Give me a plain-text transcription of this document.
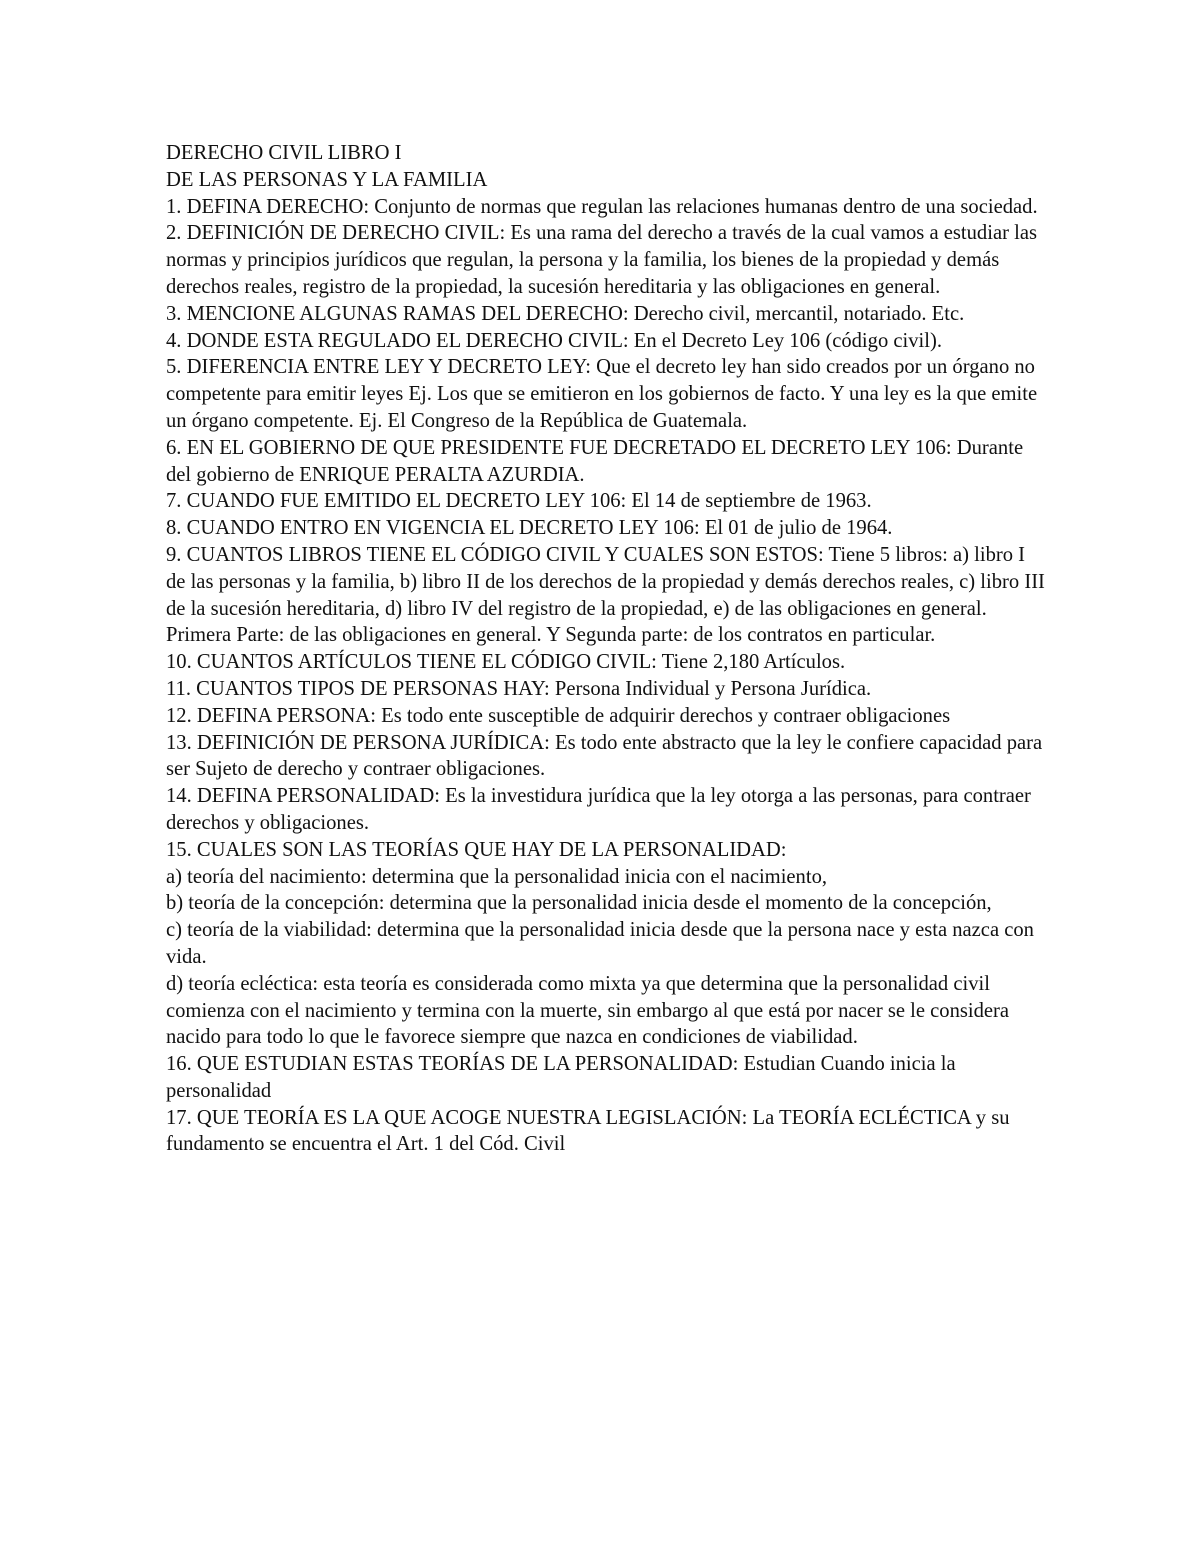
DERECHO CIVIL LIBRO I

DE LAS PERSONAS Y LA FAMILIA

1. DEFINA DERECHO: Conjunto de normas que regulan las relaciones humanas dentro de una sociedad.

2. DEFINICIÓN DE DERECHO CIVIL: Es una rama del derecho a través de la cual vamos a estudiar las normas y principios jurídicos que regulan, la persona y la familia, los bienes de la propiedad y demás derechos reales, registro de la propiedad, la sucesión hereditaria y las obligaciones en general.

3. MENCIONE ALGUNAS RAMAS DEL DERECHO: Derecho civil, mercantil, notariado. Etc.

4. DONDE ESTA REGULADO EL DERECHO CIVIL: En el Decreto Ley 106 (código civil).

5. DIFERENCIA ENTRE LEY Y DECRETO LEY: Que el decreto ley han sido creados por un órgano no competente para emitir leyes Ej. Los que se emitieron en los gobiernos de facto. Y una ley es la que emite un órgano competente. Ej. El Congreso de la República de Guatemala.

6. EN EL GOBIERNO DE QUE PRESIDENTE FUE DECRETADO EL DECRETO LEY 106: Durante del gobierno de ENRIQUE PERALTA AZURDIA.

7. CUANDO FUE EMITIDO EL DECRETO LEY 106: El 14 de septiembre de 1963.

8. CUANDO ENTRO EN VIGENCIA EL DECRETO LEY 106: El 01 de julio de 1964.

9. CUANTOS LIBROS TIENE EL CÓDIGO CIVIL Y CUALES SON ESTOS: Tiene 5 libros: a) libro I de las personas y la familia, b) libro II de los derechos de la propiedad y demás derechos reales, c) libro III de la sucesión hereditaria, d) libro IV del registro de la propiedad, e) de las obligaciones en general. Primera Parte: de las obligaciones en general. Y Segunda parte: de los contratos en particular.

10. CUANTOS ARTÍCULOS TIENE EL CÓDIGO CIVIL: Tiene 2,180 Artículos.

11. CUANTOS TIPOS DE PERSONAS HAY: Persona Individual y Persona Jurídica.

12. DEFINA PERSONA: Es todo ente susceptible de adquirir derechos y contraer obligaciones

13. DEFINICIÓN DE PERSONA JURÍDICA: Es todo ente abstracto que la ley le confiere capacidad para ser Sujeto de derecho y contraer obligaciones.

14. DEFINA PERSONALIDAD: Es la investidura jurídica que la ley otorga a las personas, para contraer derechos y obligaciones.

15. CUALES SON LAS TEORÍAS QUE HAY DE LA PERSONALIDAD:

a) teoría del nacimiento: determina que la personalidad inicia con el nacimiento,

b) teoría de la concepción: determina que la personalidad inicia desde el momento de la concepción,

c) teoría de la viabilidad: determina que la personalidad inicia desde que la persona nace y esta nazca con vida.

d) teoría ecléctica: esta teoría es considerada como mixta ya que determina que la personalidad civil comienza con el nacimiento y termina con la muerte, sin embargo al que está por nacer se le considera nacido para todo lo que le favorece siempre que nazca en condiciones de viabilidad.

16. QUE ESTUDIAN ESTAS TEORÍAS DE LA PERSONALIDAD: Estudian Cuando inicia la personalidad

17. QUE TEORÍA ES LA QUE ACOGE NUESTRA LEGISLACIÓN: La TEORÍA ECLÉCTICA y su fundamento se encuentra el Art. 1 del Cód. Civil
